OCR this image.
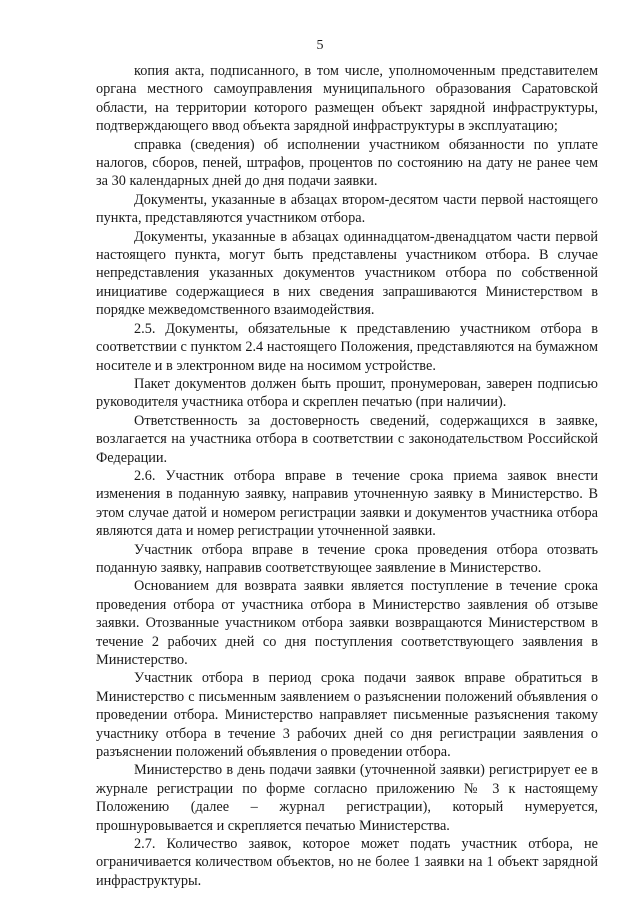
5

копия акта, подписанного, в том числе, уполномоченным представителем органа местного самоуправления муниципального образования Саратовской области, на территории которого размещен объект зарядной инфраструктуры, подтверждающего ввод объекта зарядной инфраструктуры в эксплуатацию;

справка (сведения) об исполнении участником обязанности по уплате налогов, сборов, пеней, штрафов, процентов по состоянию на дату не ранее чем за 30 календарных дней до дня подачи заявки.

Документы, указанные в абзацах втором-десятом части первой настоящего пункта, представляются участником отбора.

Документы, указанные в абзацах одиннадцатом-двенадцатом части первой настоящего пункта, могут быть представлены участником отбора. В случае непредставления указанных документов участником отбора по собственной инициативе содержащиеся в них сведения запрашиваются Министерством в порядке межведомственного взаимодействия.

2.5. Документы, обязательные к представлению участником отбора в соответствии с пунктом 2.4 настоящего Положения, представляются на бумажном носителе и в электронном виде на носимом устройстве.

Пакет документов должен быть прошит, пронумерован, заверен подписью руководителя участника отбора и скреплен печатью (при наличии).

Ответственность за достоверность сведений, содержащихся в заявке, возлагается на участника отбора в соответствии с законодательством Российской Федерации.

2.6. Участник отбора вправе в течение срока приема заявок внести изменения в поданную заявку, направив уточненную заявку в Министерство. В этом случае датой и номером регистрации заявки и документов участника отбора являются дата и номер регистрации уточненной заявки.

Участник отбора вправе в течение срока проведения отбора отозвать поданную заявку, направив соответствующее заявление в Министерство.

Основанием для возврата заявки является поступление в течение срока проведения отбора от участника отбора в Министерство заявления об отзыве заявки. Отозванные участником отбора заявки возвращаются Министерством в течение 2 рабочих дней со дня поступления соответствующего заявления в Министерство.

Участник отбора в период срока подачи заявок вправе обратиться в Министерство с письменным заявлением о разъяснении положений объявления о проведении отбора. Министерство направляет письменные разъяснения такому участнику отбора в течение 3 рабочих дней со дня регистрации заявления о разъяснении положений объявления о проведении отбора.

Министерство в день подачи заявки (уточненной заявки) регистрирует ее в журнале регистрации по форме согласно приложению № 3 к настоящему Положению (далее – журнал регистрации), который нумеруется, прошнуровывается и скрепляется печатью Министерства.

2.7. Количество заявок, которое может подать участник отбора, не ограничивается количеством объектов, но не более 1 заявки на 1 объект зарядной инфраструктуры.
